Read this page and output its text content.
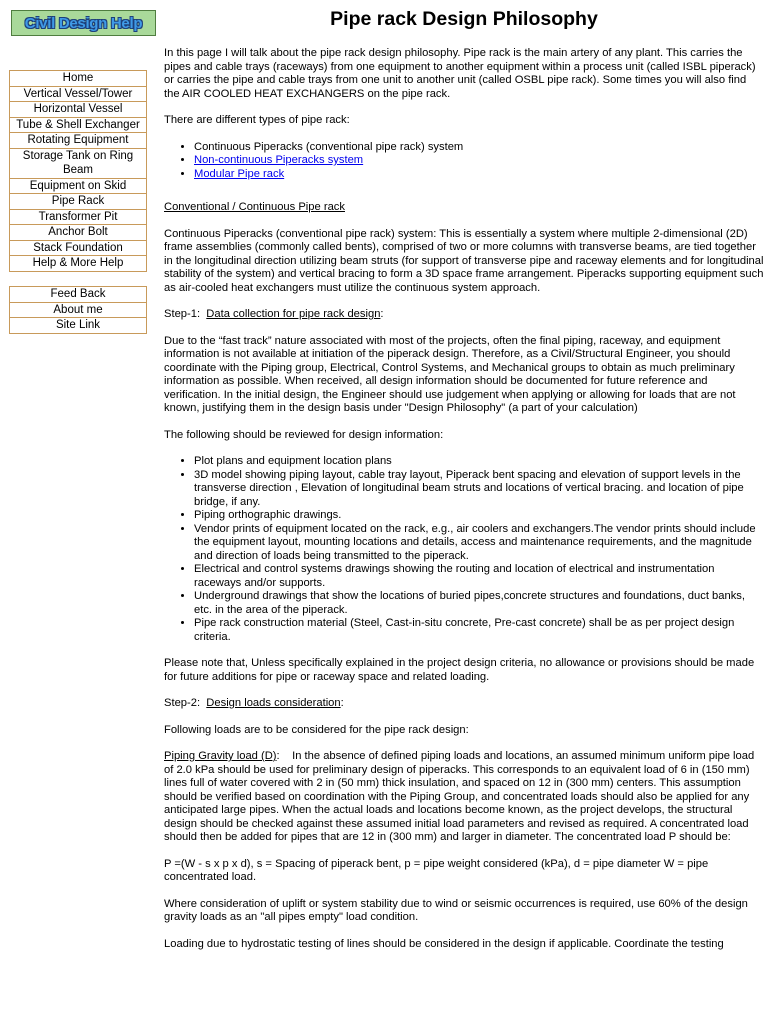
Civil Design Help
Home
Vertical Vessel/Tower
Horizontal Vessel
Tube & Shell Exchanger
Rotating Equipment
Storage Tank on Ring Beam
Equipment on Skid
Pipe Rack
Transformer Pit
Anchor Bolt
Stack Foundation
Help & More Help
Feed Back
About me
Site Link
Pipe rack Design Philosophy

In this page I will talk about the pipe rack design philosophy. Pipe rack is the main artery of any plant. This carries the pipes and cable trays (raceways) from one equipment to another equipment within a process unit (called ISBL piperack) or carries the pipe and cable trays from one unit to another unit (called OSBL pipe rack). Some times you will also find the AIR COOLED HEAT EXCHANGERS on the pipe rack.

There are different types of pipe rack:

• Continuous Piperacks (conventional pipe rack) system
• Non-continuous Piperacks system
• Modular Pipe rack

Conventional / Continuous Pipe rack

Continuous Piperacks (conventional pipe rack) system: This is essentially a system where multiple 2-dimensional (2D) frame assemblies (commonly called bents), comprised of two or more columns with transverse beams, are tied together in the longitudinal direction utilizing beam struts (for support of transverse pipe and raceway elements and for longitudinal stability of the system) and vertical bracing to form a 3D space frame arrangement. Piperacks supporting equipment such as air-cooled heat exchangers must utilize the continuous system approach.

Step-1: Data collection for pipe rack design:

Due to the “fast track” nature associated with most of the projects, often the final piping, raceway, and equipment information is not available at initiation of the piperack design. Therefore, as a Civil/Structural Engineer, you should coordinate with the Piping group, Electrical, Control Systems, and Mechanical groups to obtain as much preliminary information as possible. When received, all design information should be documented for future reference and verification. In the initial design, the Engineer should use judgement when applying or allowing for loads that are not known, justifying them in the design basis under "Design Philosophy" (a part of your calculation)

The following should be reviewed for design information:

• Plot plans and equipment location plans
• 3D model showing piping layout, cable tray layout, Piperack bent spacing and elevation of support levels in the transverse direction , Elevation of longitudinal beam struts and locations of vertical bracing. and location of pipe bridge, if any.
• Piping orthographic drawings.
• Vendor prints of equipment located on the rack, e.g., air coolers and exchangers.The vendor prints should include the equipment layout, mounting locations and details, access and maintenance requirements, and the magnitude and direction of loads being transmitted to the piperack.
• Electrical and control systems drawings showing the routing and location of electrical and instrumentation raceways and/or supports.
• Underground drawings that show the locations of buried pipes,concrete structures and foundations, duct banks, etc. in the area of the piperack.
• Pipe rack construction material (Steel, Cast-in-situ concrete, Pre-cast concrete) shall be as per project design criteria.

Please note that, Unless specifically explained in the project design criteria, no allowance or provisions should be made for future additions for pipe or raceway space and related loading.

Step-2: Design loads consideration:

Following loads are to be considered for the pipe rack design:

Piping Gravity load (D):    In the absence of defined piping loads and locations, an assumed minimum uniform pipe load of 2.0 kPa should be used for preliminary design of piperacks. This corresponds to an equivalent load of 6 in (150 mm) lines full of water covered with 2 in (50 mm) thick insulation, and spaced on 12 in (300 mm) centers. This assumption should be verified based on coordination with the Piping Group, and concentrated loads should also be applied for any anticipated large pipes. When the actual loads and locations become known, as the project develops, the structural design should be checked against these assumed initial load parameters and revised as required. A concentrated load should then be added for pipes that are 12 in (300 mm) and larger in diameter. The concentrated load P should be:

P =(W - s x p x d), s = Spacing of piperack bent, p = pipe weight considered (kPa), d = pipe diameter W = pipe concentrated load.

Where consideration of uplift or system stability due to wind or seismic occurrences is required, use 60% of the design gravity loads as an "all pipes empty" load condition.

Loading due to hydrostatic testing of lines should be considered in the design if applicable. Coordinate the testing
